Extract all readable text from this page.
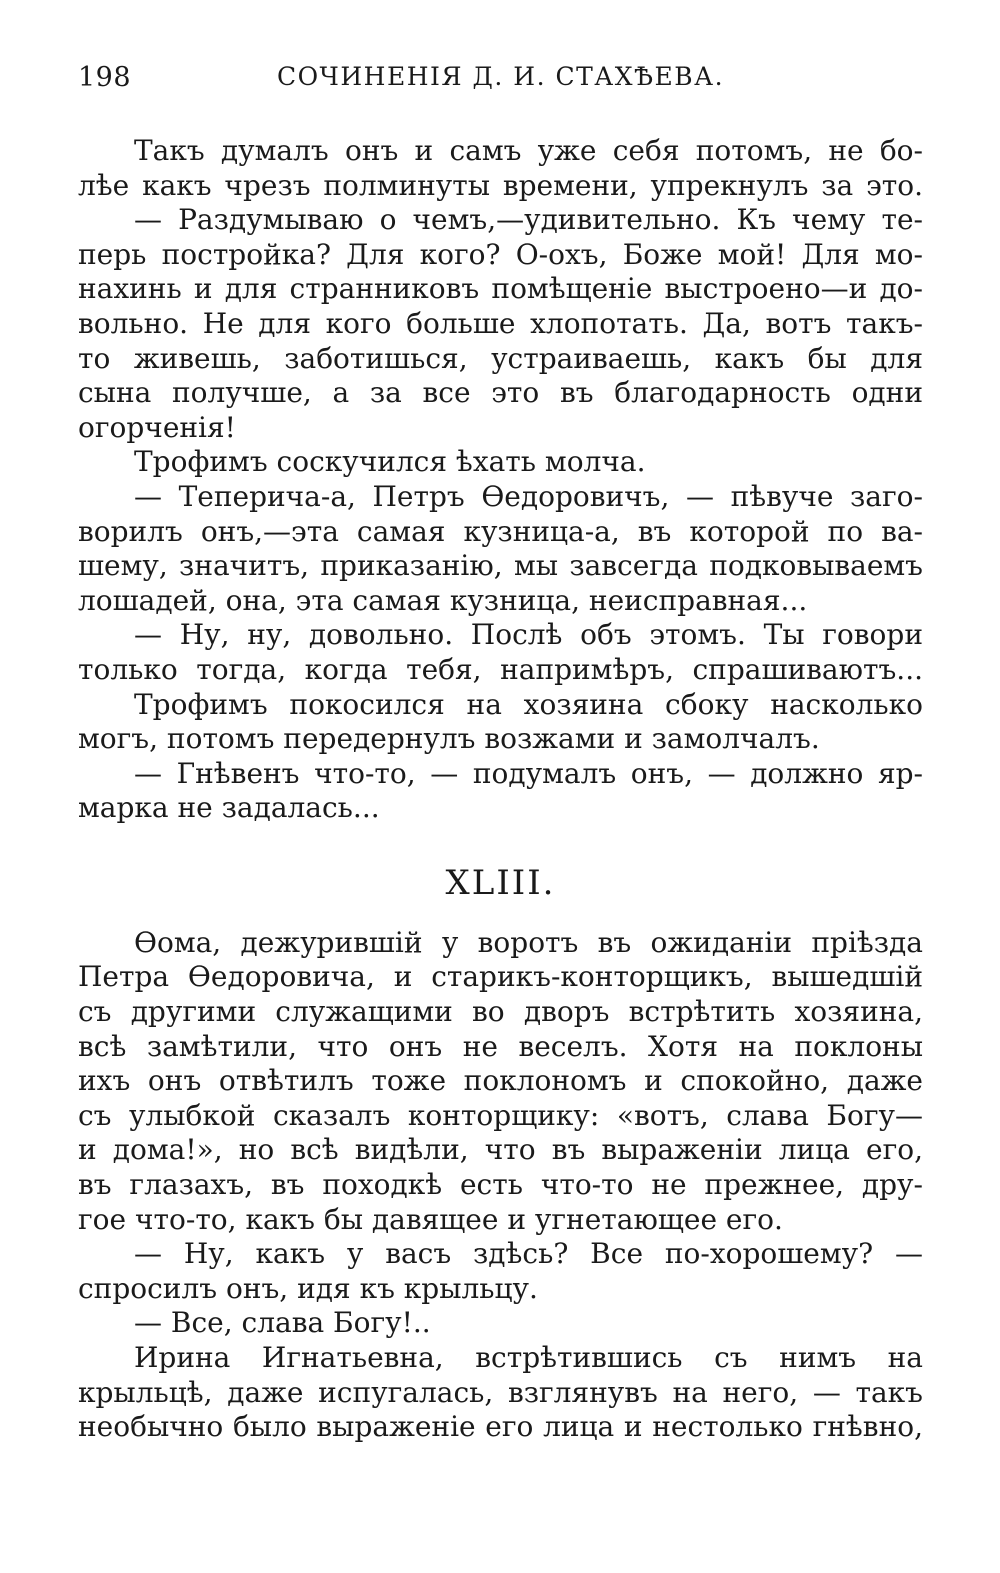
198	СОЧИНЕНІЯ Д. И. СТАХѢЕВА.
Такъ думалъ онъ и самъ уже себя потомъ, не бо-
лѣе какъ чрезъ полминуты времени, упрекнулъ за это.
— Раздумываю о чемъ,—удивительно. Къ чему те-
перь постройка? Для кого? О-охъ, Боже мой! Для мо-
нахинь и для странниковъ помѣщеніе выстроено—и до-
вольно. Не для кого больше хлопотать. Да, вотъ такъ-
то живешь, заботишься, устраиваешь, какъ бы для
сына получше, а за все это въ благодарность одни
огорченія!
Трофимъ соскучился ѣхать молча.
— Теперича-а, Петръ Ѳедоровичъ, — пѣвуче заго-
ворилъ онъ,—эта самая кузница-а, въ которой по ва-
шему, значитъ, приказанію, мы завсегда подковываемъ
лошадей, она, эта самая кузница, неисправная...
— Ну, ну, довольно. Послѣ объ этомъ. Ты говори
только тогда, когда тебя, напримѣръ, спрашиваютъ...
Трофимъ покосился на хозяина сбоку насколько
могъ, потомъ передернулъ возжами и замолчалъ.
— Гнѣвенъ что-то, — подумалъ онъ, — должно яр-
марка не задалась...
XLIII.
Ѳома, дежурившій у воротъ въ ожиданіи пріѣзда
Петра Ѳедоровича, и старикъ-конторщикъ, вышедшій
съ другими служащими во дворъ встрѣтить хозяина,
всѣ замѣтили, что онъ не веселъ. Хотя на поклоны
ихъ онъ отвѣтилъ тоже поклономъ и спокойно, даже
съ улыбкой сказалъ конторщику: «вотъ, слава Богу—
и дома!», но всѣ видѣли, что въ выраженіи лица его,
въ глазахъ, въ походкѣ есть что-то не прежнее, дру-
гое что-то, какъ бы давящее и угнетающее его.
— Ну, какъ у васъ здѣсь? Все по-хорошему? —
спросилъ онъ, идя къ крыльцу.
— Все, слава Богу!..
Ирина Игнатьевна, встрѣтившись съ нимъ на
крыльцѣ, даже испугалась, взглянувъ на него, — такъ
необычно было выраженіе его лица и нестолько гнѣвно,
